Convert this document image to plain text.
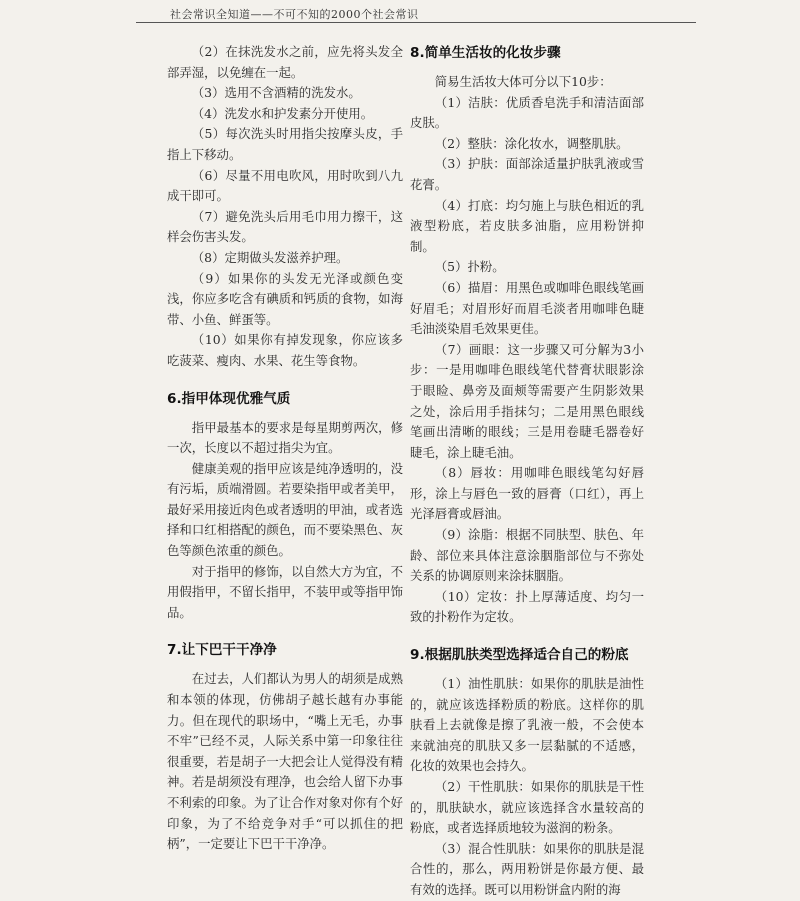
社会常识全知道——不可不知的2000个社会常识

（2）在抹洗发水之前，应先将头发全部弄湿，以免缠在一起。

（3）选用不含酒精的洗发水。

（4）洗发水和护发素分开使用。

（5）每次洗头时用指尖按摩头皮，手指上下移动。

（6）尽量不用电吹风，用时吹到八九成干即可。

（7）避免洗头后用毛巾用力擦干，这样会伤害头发。

（8）定期做头发滋养护理。

（9）如果你的头发无光泽或颜色变浅，你应多吃含有碘质和钙质的食物，如海带、小鱼、鲜蛋等。

（10）如果你有掉发现象，你应该多吃菠菜、瘦肉、水果、花生等食物。

6.指甲体现优雅气质

指甲最基本的要求是每星期剪两次，修一次，长度以不超过指尖为宜。

健康美观的指甲应该是纯净透明的，没有污垢，质端滑圆。若要染指甲或者美甲，最好采用接近肉色或者透明的甲油，或者选择和口红相搭配的颜色，而不要染黑色、灰色等颜色浓重的颜色。

对于指甲的修饰，以自然大方为宜，不用假指甲，不留长指甲，不装甲或等指甲饰品。

7.让下巴干干净净

在过去，人们都认为男人的胡须是成熟和本领的体现，仿佛胡子越长越有办事能力。但在现代的职场中，“嘴上无毛，办事不牢”已经不灵，人际关系中第一印象往往很重要，若是胡子一大把会让人觉得没有精神。若是胡须没有理净，也会给人留下办事不利索的印象。为了让合作对象对你有个好印象，为了不给竞争对手“可以抓住的把柄”，一定要让下巴干干净净。

8.简单生活妆的化妆步骤

简易生活妆大体可分以下10步：

（1）洁肤：优质香皂洗手和清洁面部皮肤。

（2）整肤：涂化妆水，调整肌肤。

（3）护肤：面部涂适量护肤乳液或雪花膏。

（4）打底：均匀施上与肤色相近的乳液型粉底，若皮肤多油脂，应用粉饼抑制。

（5）扑粉。

（6）描眉：用黑色或咖啡色眼线笔画好眉毛；对眉形好而眉毛淡者用咖啡色睫毛油淡染眉毛效果更佳。

（7）画眼：这一步骤又可分解为3小步：一是用咖啡色眼线笔代替膏状眼影涂于眼睑、鼻旁及面颊等需要产生阴影效果之处，涂后用手指抹匀；二是用黑色眼线笔画出清晰的眼线；三是用卷睫毛器卷好睫毛，涂上睫毛油。

（8）唇妆：用咖啡色眼线笔勾好唇形，涂上与唇色一致的唇膏（口红），再上光泽唇膏或唇油。

（9）涂脂：根据不同肤型、肤色、年龄、部位来具体注意涂胭脂部位与不弥处关系的协调原则来涂抹胭脂。

（10）定妆：扑上厚薄适度、均匀一致的扑粉作为定妆。

9.根据肌肤类型选择适合自己的粉底

（1）油性肌肤：如果你的肌肤是油性的，就应该选择粉质的粉底。这样你的肌肤看上去就像是擦了乳液一般，不会使本来就油亮的肌肤又多一层黏腻的不适感，化妆的效果也会持久。

（2）干性肌肤：如果你的肌肤是干性的，肌肤缺水，就应该选择含水量较高的粉底，或者选择质地较为滋润的粉条。

（3）混合性肌肤：如果你的肌肤是混合性的，那么，两用粉饼是你最方便、最有效的选择。既可以用粉饼盒内附的海
